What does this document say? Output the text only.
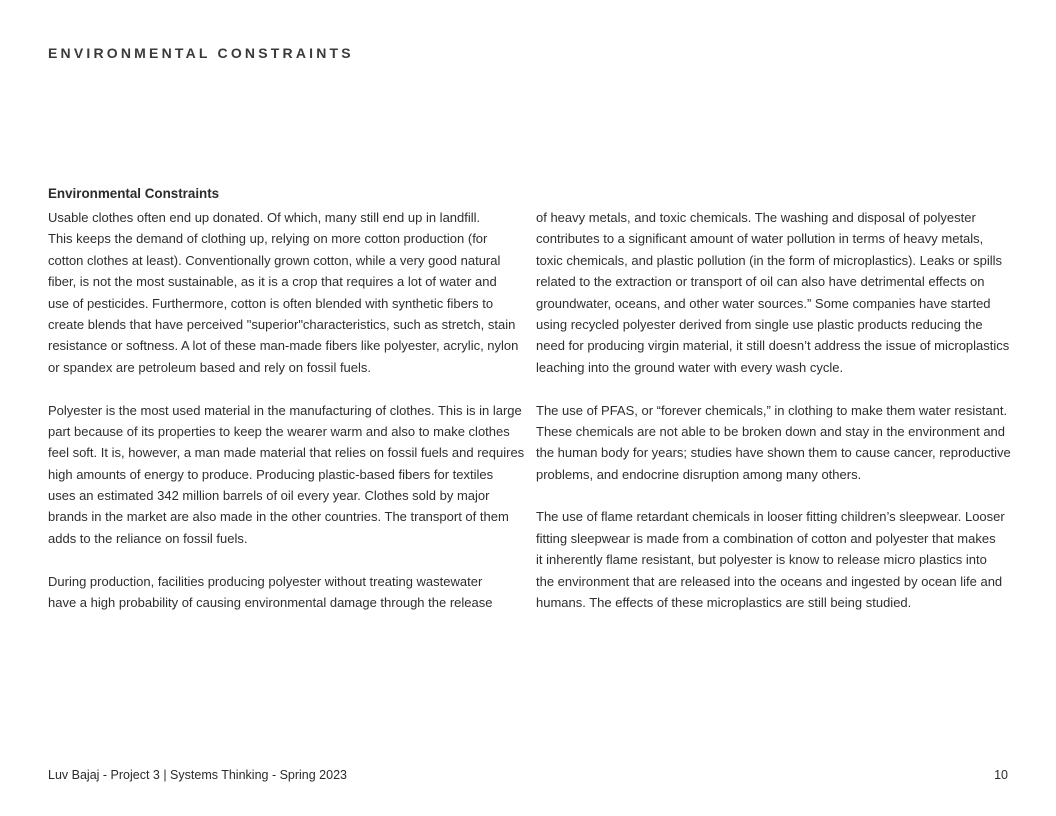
ENVIRONMENTAL CONSTRAINTS
Environmental Constraints
Usable clothes often end up donated. Of which, many still end up in landfill.
This keeps the demand of clothing up, relying on more cotton production (for
cotton clothes at least). Conventionally grown cotton, while a very good natural
fiber, is not the most sustainable, as it is a crop that requires a lot of water and
use of pesticides. Furthermore, cotton is often blended with synthetic fibers to
create blends that have perceived "superior"characteristics, such as stretch, stain
resistance or softness. A lot of these man-made fibers like polyester, acrylic, nylon
or spandex are petroleum based and rely on fossil fuels.
Polyester is the most used material in the manufacturing of clothes. This is in large
part because of its properties to keep the wearer warm and also to make clothes
feel soft. It is, however, a man made material that relies on fossil fuels and requires
high amounts of energy to produce. Producing plastic-based fibers for textiles
uses an estimated 342 million barrels of oil every year. Clothes sold by major
brands in the market are also made in the other countries. The transport of them
adds to the reliance on fossil fuels.
During production, facilities producing polyester without treating wastewater
have a high probability of causing environmental damage through the release
of heavy metals, and toxic chemicals. The washing and disposal of polyester
contributes to a significant amount of water pollution in terms of heavy metals,
toxic chemicals, and plastic pollution (in the form of microplastics). Leaks or spills
related to the extraction or transport of oil can also have detrimental effects on
groundwater, oceans, and other water sources.” Some companies have started
using recycled polyester derived from single use plastic products reducing the
need for producing virgin material, it still doesn’t address the issue of microplastics
leaching into the ground water with every wash cycle.
The use of PFAS, or “forever chemicals,” in clothing to make them water resistant.
These chemicals are not able to be broken down and stay in the environment and
the human body for years; studies have shown them to cause cancer, reproductive
problems, and endocrine disruption among many others.
The use of flame retardant chemicals in looser fitting children’s sleepwear. Looser
fitting sleepwear is made from a combination of cotton and polyester that makes
it inherently flame resistant, but polyester is know to release micro plastics into
the environment that are released into the oceans and ingested by ocean life and
humans. The effects of these microplastics are still being studied.
Luv Bajaj - Project 3 | Systems Thinking - Spring 2023	10
